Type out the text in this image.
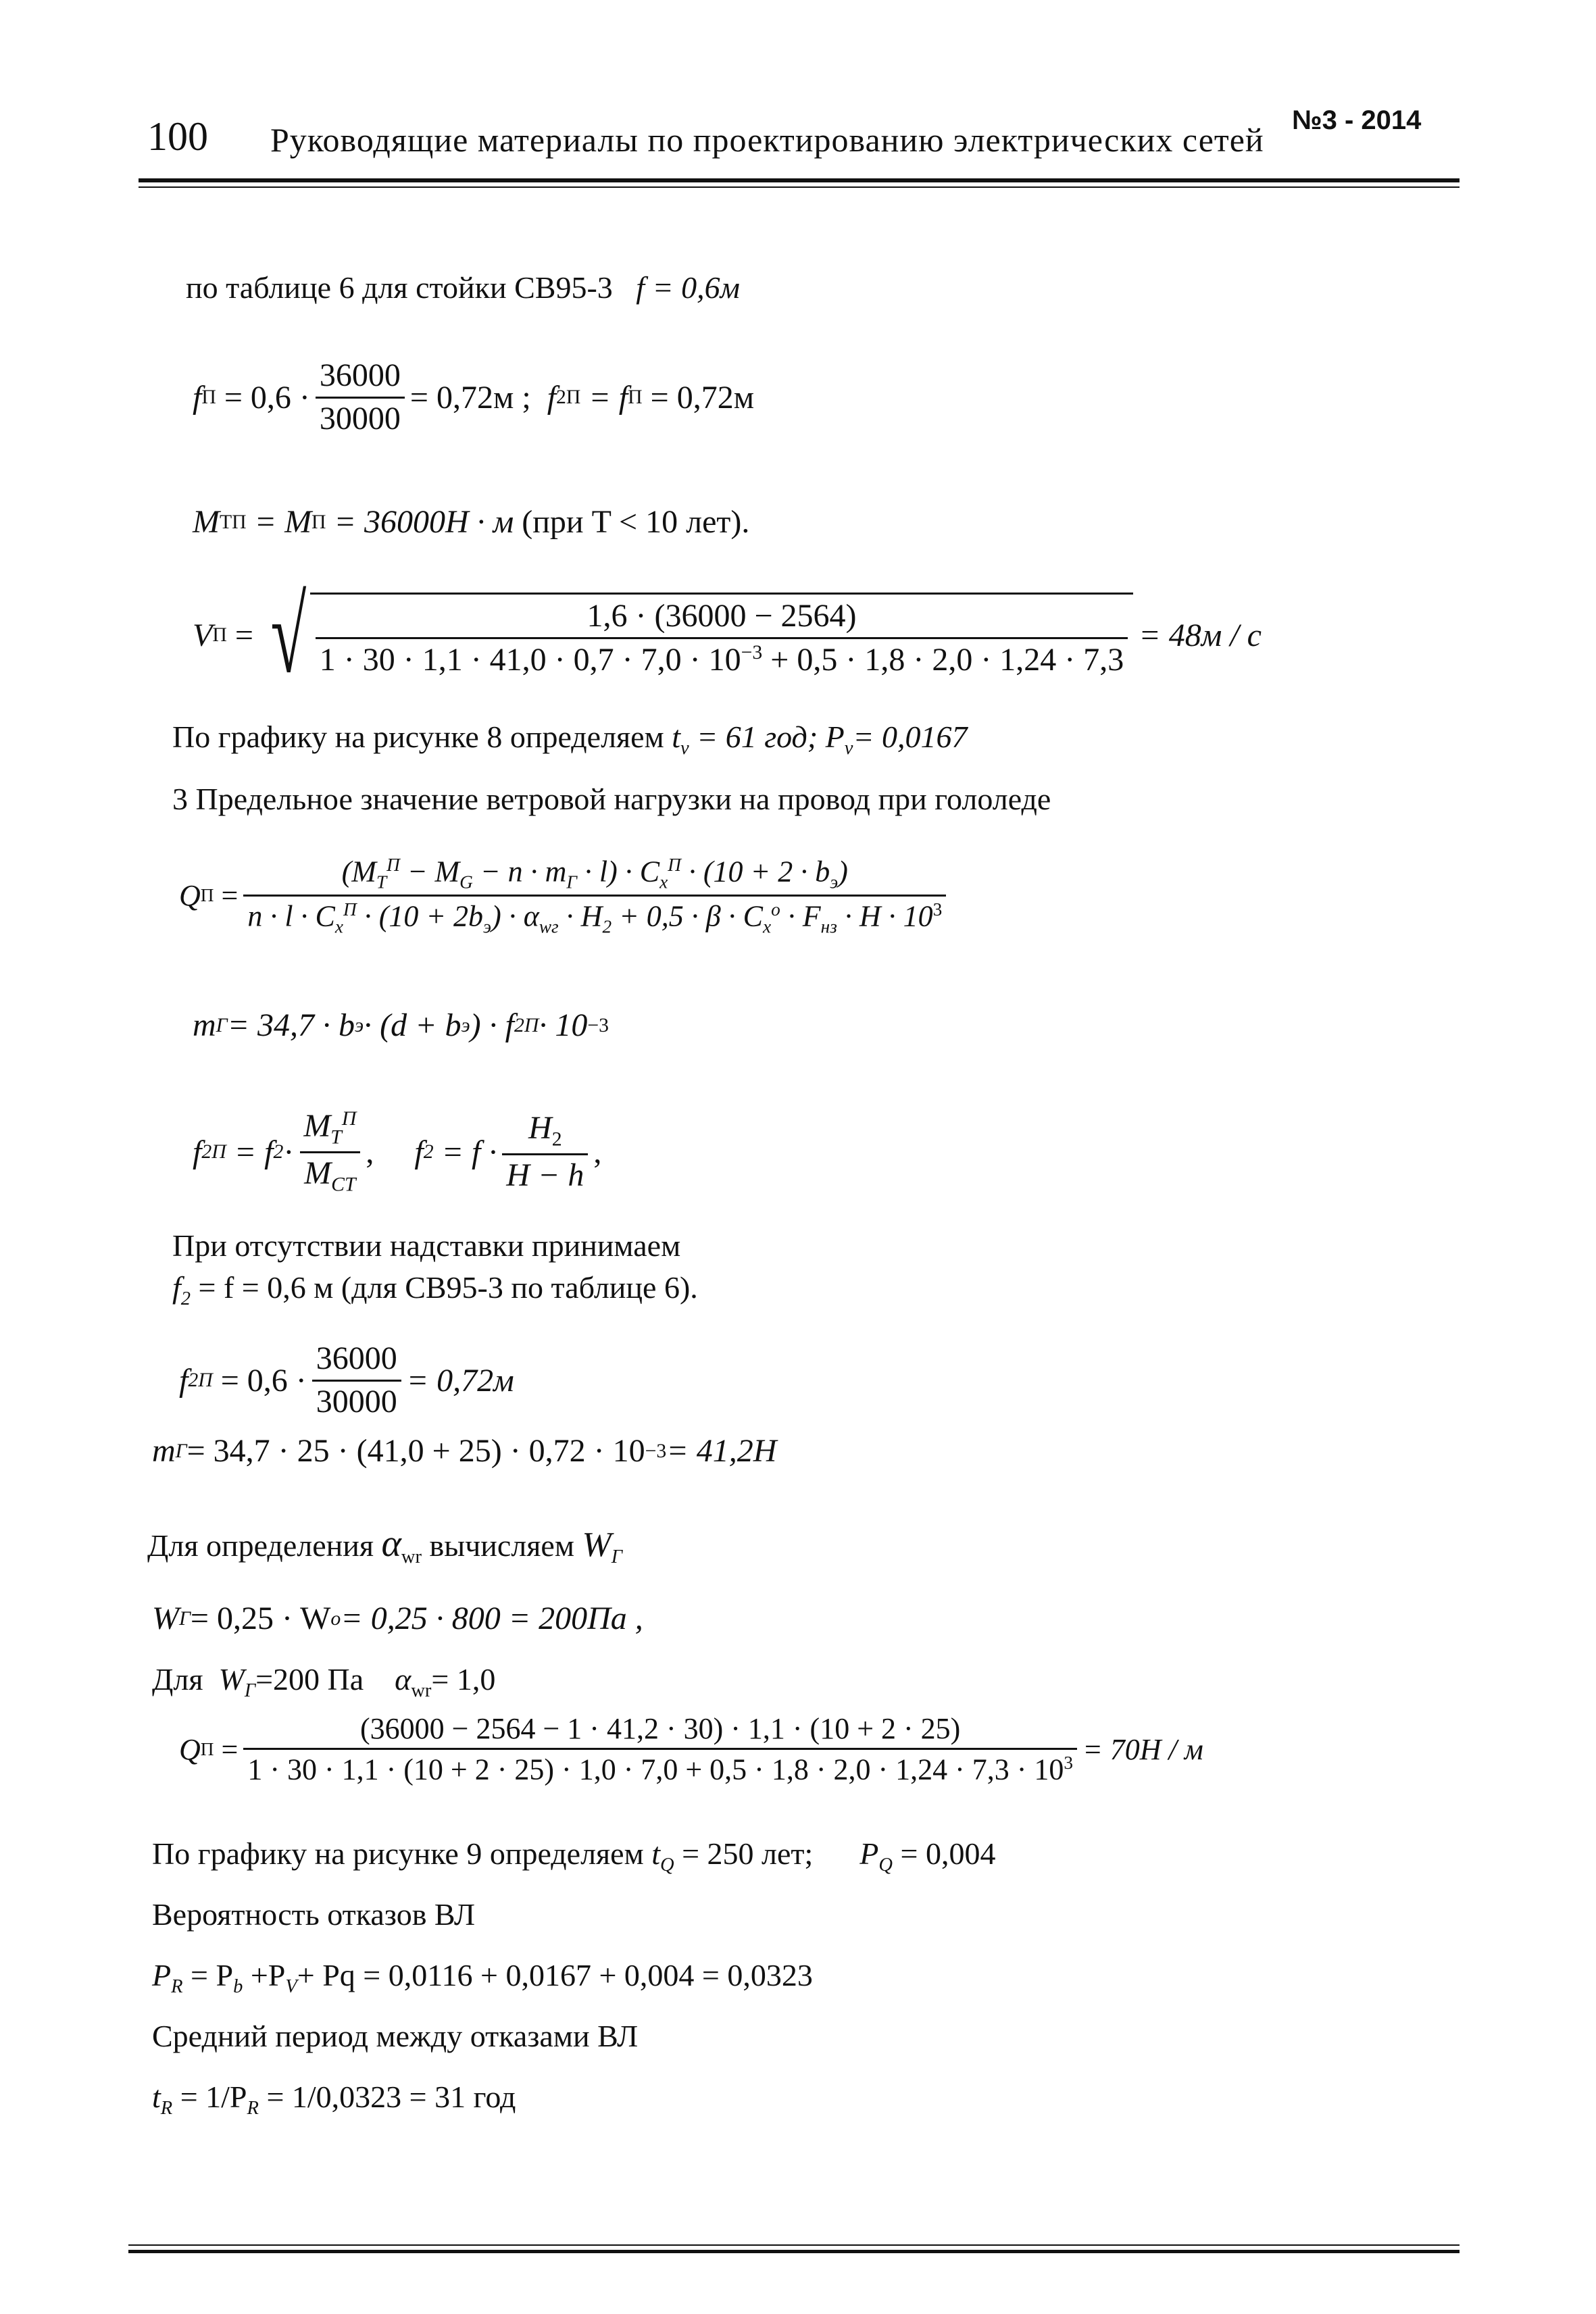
100 Руководящие материалы по проектированию электрических сетей
№3 - 2014
по таблице 6 для стойки СВ95-3 f = 0,6м
f П
= $0,6 \cdot \frac{36000}{30000} = 0,72м$ ;
f 2 П
= f П
= 0,72м
M T П
= M П
= 36000H · м
(при T < 10 лет).
V П = √	1,6 · (36000 − 2564)
$1 \cdot 30 \cdot 1,1 \cdot 41,0 \cdot 0,7 \cdot 7,0 \cdot 10^{-3} + 0,5 \cdot 1,8 \cdot 2,0 \cdot 1,24 \cdot 7,3$
= 48м / с
По графику на рисунке 8 определяем $t_v = 61$ год; $P_v= 0,0167$
3 Предельное значение ветровой нагрузки на провод при гололеде
Q П =
$(M_T^П - M_G - n \cdot m_Г \cdot l) \cdot C_x^П \cdot (10 + 2 \cdot b_э)$
$n \cdot l \cdot C_x^П \cdot (10 + 2b_э) \cdot \alpha_{wг} \cdot H_2 + 0,5 \cdot \beta \cdot C_x^o \cdot F_{нз} \cdot H \cdot 10^3$
m Г = 34,7 · b э · (d + b э ) · f 2 П · 10 −3
f 2 П
= f $2 \cdot \frac{M_T^П}{M_{СТ}}$ , f 2
= $f \cdot \frac{H_2}{H - h}$ ,
При отсутствии надставки принимаем
$f_2 = f = 0,6$ м (для СВ95-3 по таблице 6).
f 2 П
= $0,6 \cdot \frac{36000}{30000} = 0,72м$
m Г = 34,7 · 25 · (41,0 + 25) · 0,72 · 10 −3 = 41,2H
Для определения $\alpha_{wr}$ вычисляем $W_Г$
W Г = 0,25 · W o = 0,25 · 800 = 200Па ,
Для $W_Г=200$ Па $\alpha_{wr}= 1,0$
Q П =
(36000 − 2564 − 1 · 41,2 · 30) · 1,1 · (10 + 2 · 25)
$1 \cdot 30 \cdot 1,1 \cdot (10 + 2 \cdot 25) \cdot 1,0 \cdot 7,0 + 0,5 \cdot 1,8 \cdot 2,0 \cdot 1,24 \cdot 7,3 \cdot 10^3 = 70H / м$
По графику на рисунке 9 определяем $t_Q = 250$ лет; $P_Q = 0,004$
Вероятность отказов ВЛ
$P_R = P_b +P_V+ Pq = 0,0116 + 0,0167 + 0,004 = 0,0323$
Средний период между отказами ВЛ
$t_R = 1/P_R = 1/0,0323 = 31$ год
